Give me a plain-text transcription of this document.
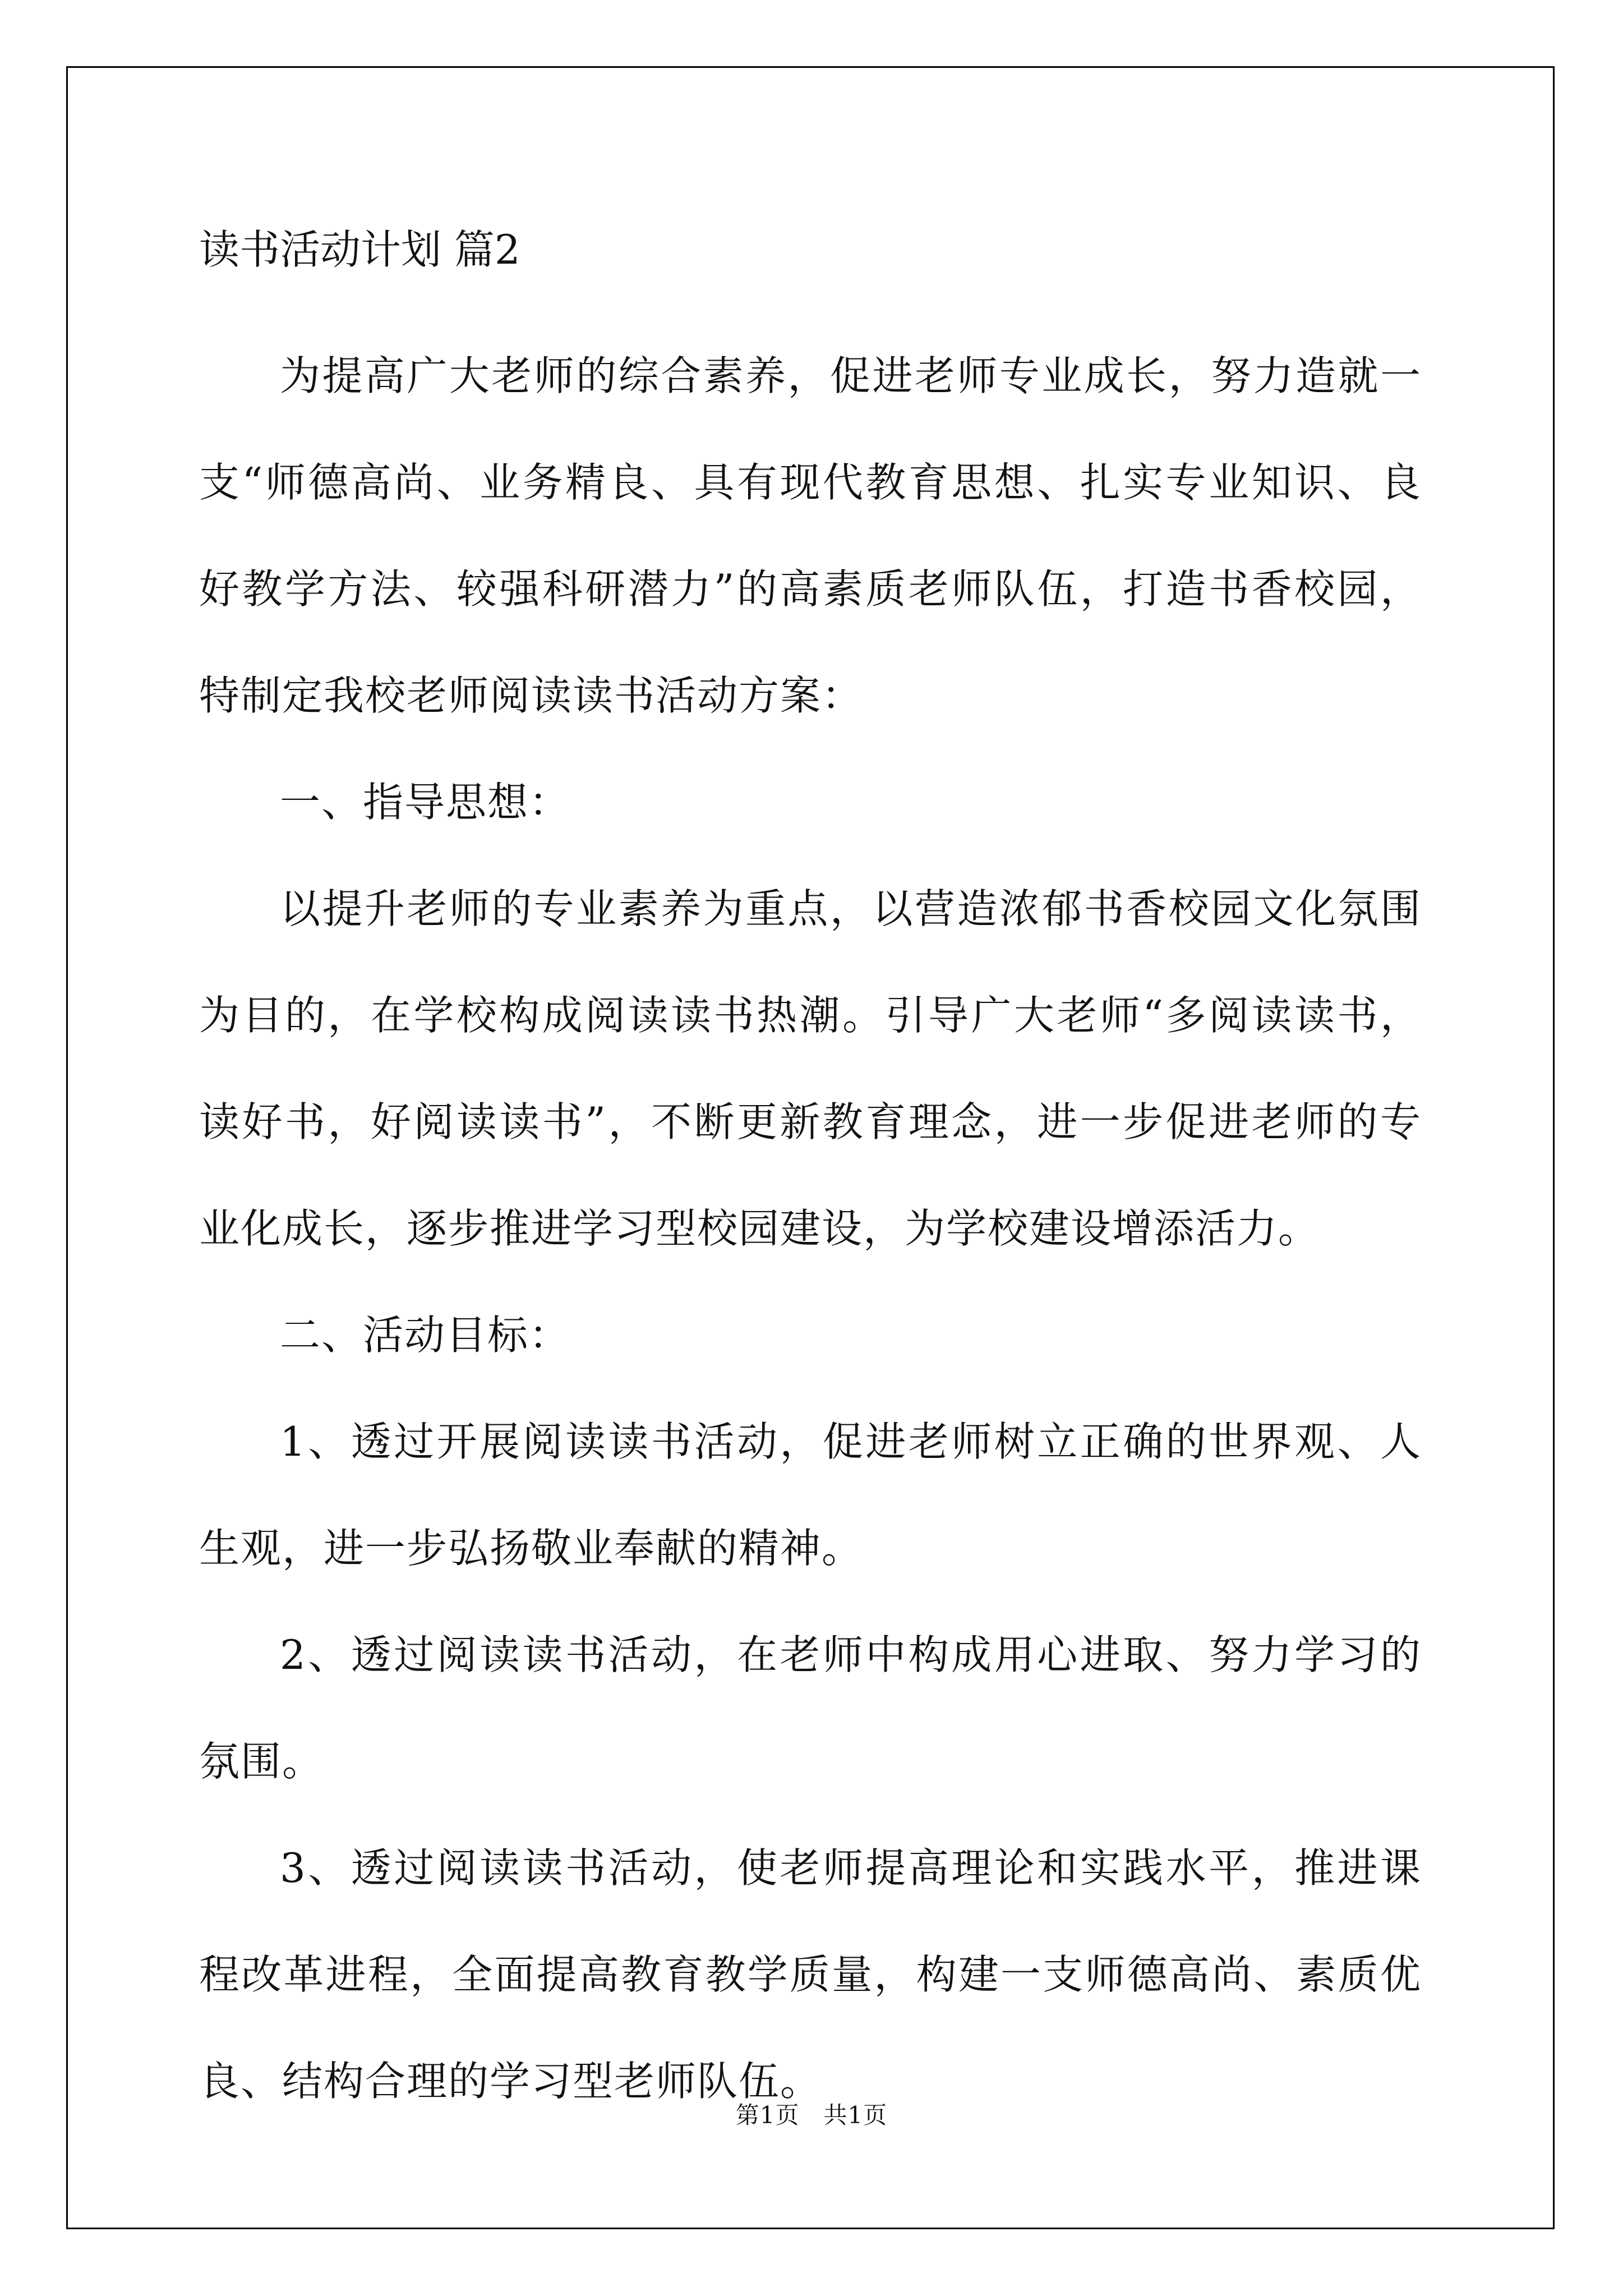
读书活动计划 篇2

为提高广大老师的综合素养，促进老师专业成长，努力造就一支“师德高尚、业务精良、具有现代教育思想、扎实专业知识、良好教学方法、较强科研潜力”的高素质老师队伍，打造书香校园，特制定我校老师阅读读书活动方案：

一、指导思想：

以提升老师的专业素养为重点，以营造浓郁书香校园文化氛围为目的，在学校构成阅读读书热潮。引导广大老师“多阅读读书，读好书，好阅读读书”，不断更新教育理念，进一步促进老师的专业化成长，逐步推进学习型校园建设，为学校建设增添活力。

二、活动目标：

1、透过开展阅读读书活动，促进老师树立正确的世界观、人生观，进一步弘扬敬业奉献的精神。

2、透过阅读读书活动，在老师中构成用心进取、努力学习的氛围。

3、透过阅读读书活动，使老师提高理论和实践水平，推进课程改革进程，全面提高教育教学质量，构建一支师德高尚、素质优良、结构合理的学习型老师队伍。

第1页   共1页
